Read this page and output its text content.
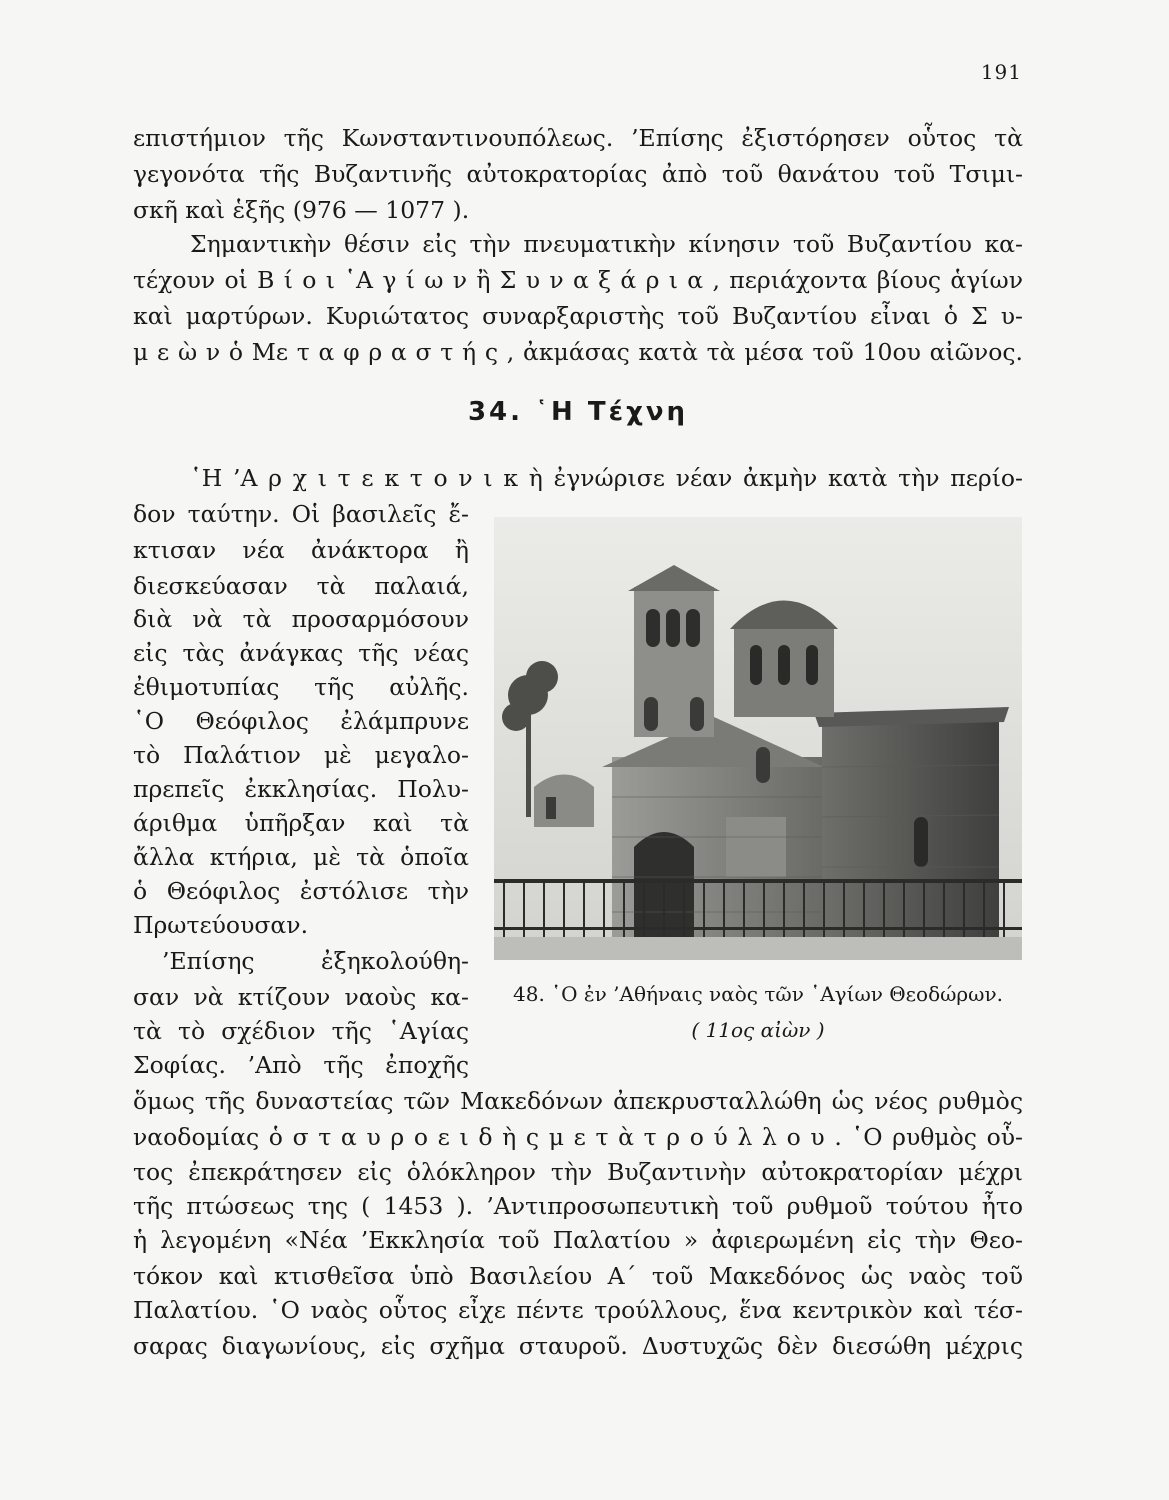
191
επιστήμιον τῆς Κωνσταντινουπόλεως. ’Επίσης ἐξιστόρησεν οὗτος τὰ
γεγονότα τῆς Βυζαντινῆς αὐτοκρατορίας ἀπὸ τοῦ θανάτου τοῦ Τσιμι-
σκῆ καὶ ἑξῆς (976 — 1077 ).
Σημαντικὴν θέσιν εἰς τὴν πνευματικὴν κίνησιν τοῦ Βυζαντίου κα-
τέχουν οἱ Β ί ο ι ῾Α γ ί ω ν ἢ Σ υ ν α ξ ά ρ ι α , περιάχοντα βίους ἁγίων
καὶ μαρτύρων. Κυριώτατος συναρξαριστὴς τοῦ Βυζαντίου εἶναι ὁ Σ υ-
μ ε ὼ ν ὁ Με τ α φ ρ α σ τ ή ς , ἀκμάσας κατὰ τὰ μέσα τοῦ 10ου αἰῶνος.
34. ῾Η Τέχνη
῾Η ’Α ρ χ ι τ ε κ τ ο ν ι κ ὴ ἐγνώρισε νέαν ἀκμὴν κατὰ τὴν περίο-
δον ταύτην. Οἱ βασιλεῖς ἔ-
κτισαν νέα ἀνάκτορα ἢ
διεσκεύασαν τὰ παλαιά,
διὰ νὰ τὰ προσαρμόσουν
εἰς τὰς ἀνάγκας τῆς νέας
ἐθιμοτυπίας τῆς αὐλῆς.
῾Ο Θεόφιλος ἐλάμπρυνε
τὸ Παλάτιον μὲ μεγαλο-
πρεπεῖς ἐκκλησίας. Πολυ-
άριθμα ὑπῆρξαν καὶ τὰ
ἄλλα κτήρια, μὲ τὰ ὁποῖα
ὁ Θεόφιλος ἐστόλισε τὴν
Πρωτεύουσαν.
’Επίσης ἐξηκολούθη-
σαν νὰ κτίζουν ναοὺς κα-
τὰ τὸ σχέδιον τῆς ῾Αγίας
Σοφίας. ’Απὸ τῆς ἐποχῆς
ὅμως τῆς δυναστείας τῶν Μακεδόνων ἀπεκρυσταλλώθη ὡς νέος ρυθμὸς
ναοδομίας ὁ σ τ α υ ρ ο ε ι δ ὴ ς μ ε τ ὰ τ ρ ο ύ λ λ ο υ . ῾Ο ρυθμὸς οὗ-
τος ἐπεκράτησεν εἰς ὁλόκληρον τὴν Βυζαντινὴν αὐτοκρατορίαν μέχρι
τῆς πτώσεως της ( 1453 ). ’Αντιπροσωπευτικὴ τοῦ ρυθμοῦ τούτου ἦτο
ἡ λεγομένη «Νέα ’Εκκλησία τοῦ Παλατίου » ἀφιερωμένη εἰς τὴν Θεο-
τόκον καὶ κτισθεῖσα ὑπὸ Βασιλείου Α΄ τοῦ Μακεδόνος ὡς ναὸς τοῦ
Παλατίου. ῾Ο ναὸς οὗτος εἶχε πέντε τρούλλους, ἕνα κεντρικὸν καὶ τέσ-
σαρας διαγωνίους, εἰς σχῆμα σταυροῦ. Δυστυχῶς δὲν διεσώθη μέχρις
48. ῾Ο ἐν ’Αθήναις ναὸς τῶν ῾Αγίων Θεοδώρων.
( 11ος αἰὼν )
